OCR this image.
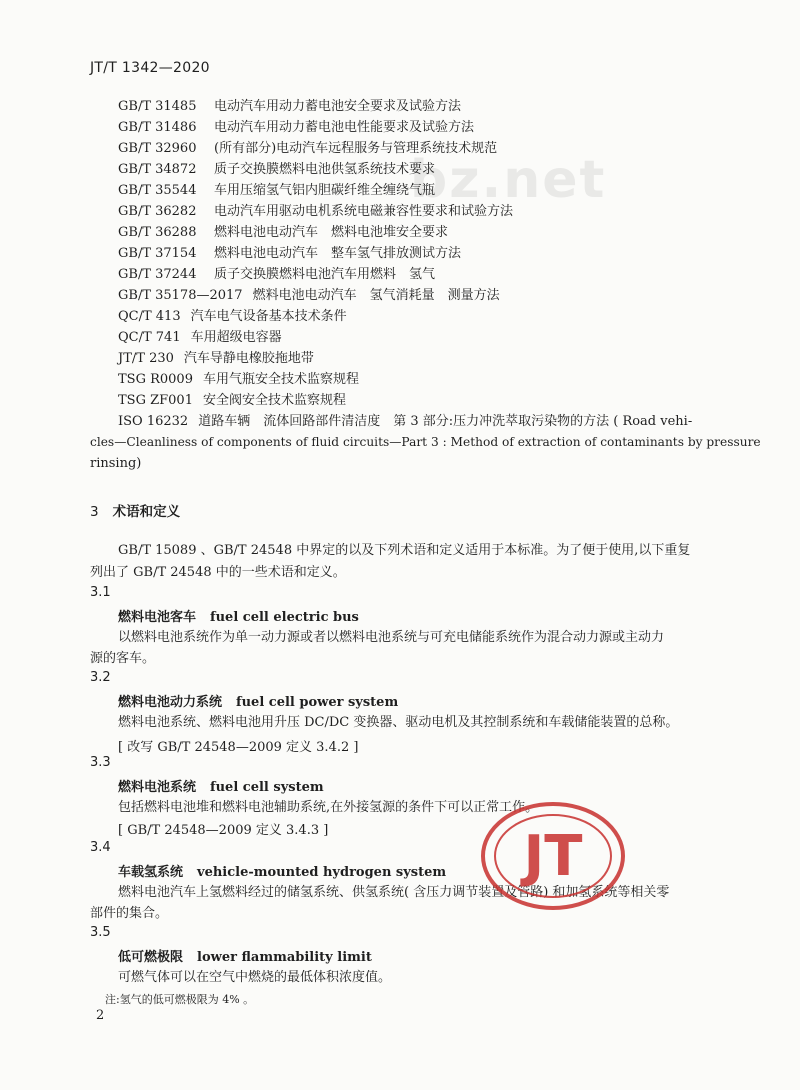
bz.net
JT/T 1342—2020
GB/T 31485 电动汽车用动力蓄电池安全要求及试验方法
GB/T 31486 电动汽车用动力蓄电池电性能要求及试验方法
GB/T 32960 (所有部分)电动汽车远程服务与管理系统技术规范
GB/T 34872 质子交换膜燃料电池供氢系统技术要求
GB/T 35544 车用压缩氢气铝内胆碳纤维全缠绕气瓶
GB/T 36282 电动汽车用驱动电机系统电磁兼容性要求和试验方法
GB/T 36288 燃料电池电动汽车　燃料电池堆安全要求
GB/T 37154 燃料电池电动汽车　整车氢气排放测试方法
GB/T 37244 质子交换膜燃料电池汽车用燃料　氢气
GB/T 35178—2017 燃料电池电动汽车　氢气消耗量　测量方法
QC/T 413 汽车电气设备基本技术条件
QC/T 741 车用超级电容器
JT/T 230 汽车导静电橡胶拖地带
TSG R0009 车用气瓶安全技术监察规程
TSG ZF001 安全阀安全技术监察规程
ISO 16232 道路车辆　流体回路部件清洁度　第 3 部分:压力冲洗萃取污染物的方法 ( Road vehi-
cles—Cleanliness of components of fluid circuits—Part 3 : Method of extraction of contaminants by pressure
rinsing)
3 术语和定义
GB/T 15089 、GB/T 24548 中界定的以及下列术语和定义适用于本标准。为了便于使用,以下重复
列出了 GB/T 24548 中的一些术语和定义。
3.1
燃料电池客车 fuel cell electric bus
以燃料电池系统作为单一动力源或者以燃料电池系统与可充电储能系统作为混合动力源或主动力
源的客车。
3.2
燃料电池动力系统 fuel cell power system
燃料电池系统、燃料电池用升压 DC/DC 变换器、驱动电机及其控制系统和车载储能装置的总称。
[ 改写 GB/T 24548—2009 定义 3.4.2 ]
3.3
燃料电池系统 fuel cell system
包括燃料电池堆和燃料电池辅助系统,在外接氢源的条件下可以正常工作。
[ GB/T 24548—2009 定义 3.4.3 ]
3.4
车载氢系统 vehicle-mounted hydrogen system
燃料电池汽车上氢燃料经过的储氢系统、供氢系统( 含压力调节装置及管路) 和加氢系统等相关零
部件的集合。
3.5
低可燃极限 lower flammability limit
可燃气体可以在空气中燃烧的最低体积浓度值。
注:氢气的低可燃极限为 4% 。
2
JT
